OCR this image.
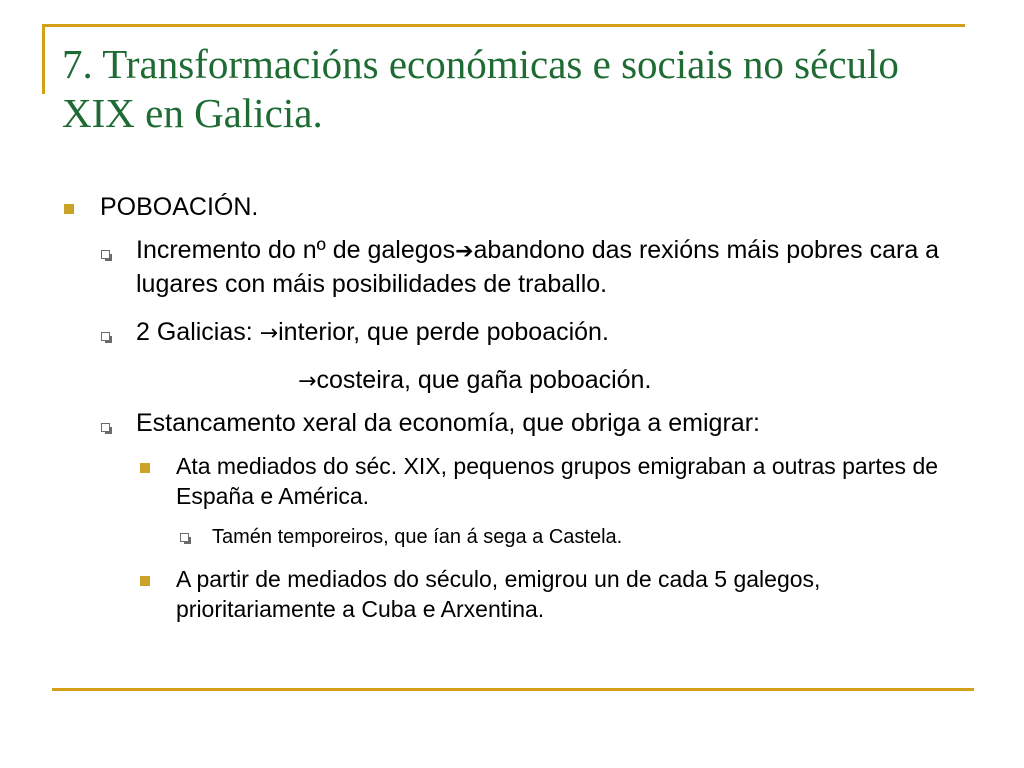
7. Transformacións económicas e sociais no século XIX en Galicia.
POBOACIÓN.
Incremento do nº de galegos➔abandono das rexións máis pobres cara a lugares con máis posibilidades de traballo.
2 Galicias: →interior, que perde poboación.
→costeira, que gaña poboación.
Estancamento xeral da economía, que obriga a emigrar:
Ata mediados do séc. XIX, pequenos grupos emigraban a outras partes de España e América.
Tamén temporeiros, que ían á sega a Castela.
A partir de mediados do século, emigrou un de cada 5 galegos, prioritariamente a Cuba e Arxentina.
